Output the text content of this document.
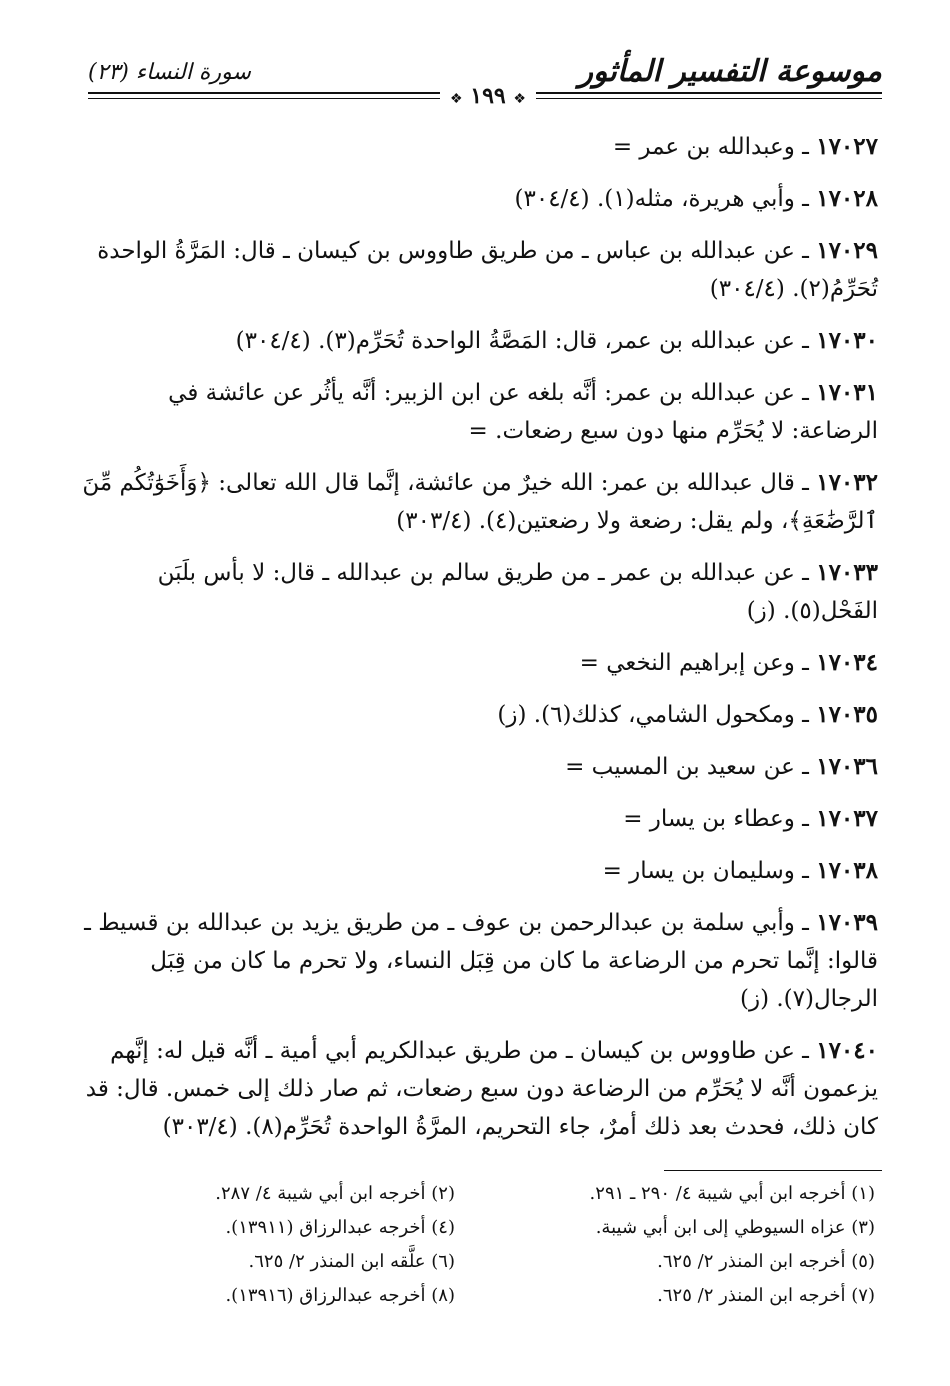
موسوعة التفسير المأثور
سورة النساء (٢٣)
❖ ١٩٩ ❖

١٧٠٢٧ ـ وعبدالله بن عمر =

١٧٠٢٨ ـ وأبي هريرة، مثله(١). (٣٠٤/٤)

١٧٠٢٩ ـ عن عبدالله بن عباس ـ من طريق طاووس بن كيسان ـ قال: المَرَّةُ الواحدة تُحَرِّمُ(٢). (٣٠٤/٤)

١٧٠٣٠ ـ عن عبدالله بن عمر، قال: المَصَّةُ الواحدة تُحَرِّم(٣). (٣٠٤/٤)

١٧٠٣١ ـ عن عبدالله بن عمر: أنَّه بلغه عن ابن الزبير: أنَّه يأثُر عن عائشة في الرضاعة: لا يُحَرِّم منها دون سبع رضعات. =

١٧٠٣٢ ـ قال عبدالله بن عمر: الله خيرٌ من عائشة، إنَّما قال الله تعالى: ﴿وَأَخَوَٰتُكُم مِّنَ ٱلرَّضَٰعَةِ﴾، ولم يقل: رضعة ولا رضعتين(٤). (٣٠٣/٤)

١٧٠٣٣ ـ عن عبدالله بن عمر ـ من طريق سالم بن عبدالله ـ قال: لا بأس بلَبَن الفَحْل(٥). (ز)

١٧٠٣٤ ـ وعن إبراهيم النخعي =

١٧٠٣٥ ـ ومكحول الشامي، كذلك(٦). (ز)

١٧٠٣٦ ـ عن سعيد بن المسيب =

١٧٠٣٧ ـ وعطاء بن يسار =

١٧٠٣٨ ـ وسليمان بن يسار =

١٧٠٣٩ ـ وأبي سلمة بن عبدالرحمن بن عوف ـ من طريق يزيد بن عبدالله بن قسيط ـ قالوا: إنَّما تحرم من الرضاعة ما كان من قِبَل النساء، ولا تحرم ما كان من قِبَل الرجال(٧). (ز)

١٧٠٤٠ ـ عن طاووس بن كيسان ـ من طريق عبدالكريم أبي أمية ـ أنَّه قيل له: إنَّهم يزعمون أنَّه لا يُحَرِّم من الرضاعة دون سبع رضعات، ثم صار ذلك إلى خمس. قال: قد كان ذلك، فحدث بعد ذلك أمرٌ، جاء التحريم، المرَّةُ الواحدة تُحَرِّم(٨). (٣٠٣/٤)

(١) أخرجه ابن أبي شيبة ٤/ ٢٩٠ ـ ٢٩١.
(٣) عزاه السيوطي إلى ابن أبي شيبة.
(٥) أخرجه ابن المنذر ٢/ ٦٢٥.
(٧) أخرجه ابن المنذر ٢/ ٦٢٥.
(٢) أخرجه ابن أبي شيبة ٤/ ٢٨٧.
(٤) أخرجه عبدالرزاق (١٣٩١١).
(٦) علَّقه ابن المنذر ٢/ ٦٢٥.
(٨) أخرجه عبدالرزاق (١٣٩١٦).
